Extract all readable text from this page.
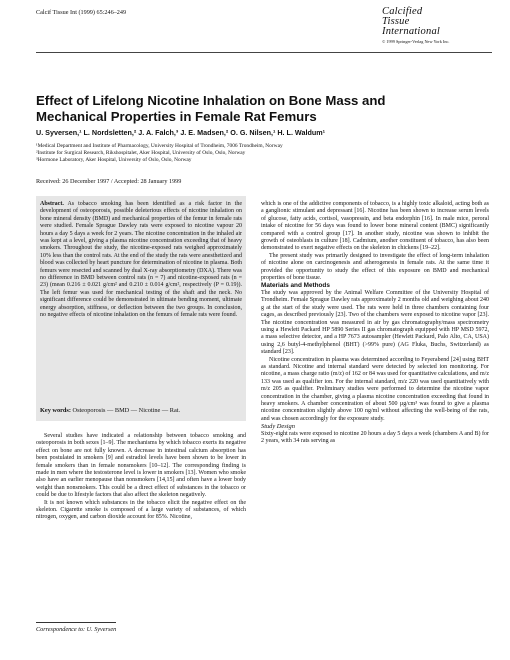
Calcif Tissue Int (1999) 65:246–249	Calcified
Tissue
International
© 1999 Springer-Verlag New York Inc.
Effect of Lifelong Nicotine Inhalation on Bone Mass and Mechanical Properties in Female Rat Femurs
U. Syversen,¹ L. Nordsletten,² J. A. Falch,³ J. E. Madsen,² O. G. Nilsen,¹ H. L. Waldum¹
¹Medical Department and Institute of Pharmacology, University Hospital of Trondheim, 7006 Trondheim, Norway
²Institute for Surgical Research, Rikshospitalet, Aker Hospital, University of Oslo, Oslo, Norway
³Hormone Laboratory, Aker Hospital, University of Oslo, Oslo, Norway
Received: 26 December 1997 / Accepted: 28 January 1999
Abstract. As tobacco smoking has been identified as a risk factor in the development of osteoporosis, possible deleterious effects of nicotine inhalation on bone mineral density (BMD) and mechanical properties of the femur in female rats were studied. Female Sprague Dawley rats were exposed to nicotine vapour 20 hours a day 5 days a week for 2 years. The nicotine concentration in the inhaled air was kept at a level, giving a plasma nicotine concentration exceeding that of heavy smokers. Throughout the study, the nicotine-exposed rats weighed approximately 10% less than the control rats. At the end of the study the rats were anesthetized and blood was collected by heart puncture for determination of nicotine in plasma. Both femurs were resected and scanned by dual X-ray absorptiometry (DXA). There was no difference in BMD between control rats (n = 7) and nicotine-exposed rats (n = 23) (mean 0.216 ± 0.021 g/cm² and 0.210 ± 0.014 g/cm², respectively (P = 0.19)). The left femur was used for mechanical testing of the shaft and the neck. No significant difference could be demonstrated in ultimate bending moment, ultimate energy absorption, stiffness, or deflection between the two groups. In conclusion, no negative effects of nicotine inhalation on the femurs of female rats were found.
Key words: Osteoporosis — BMD — Nicotine — Rat.

Several studies have indicated a relationship between tobacco smoking and osteoporosis in both sexes [1–9]. The mechanisms by which tobacco exerts its negative effect on bone are not fully known. A decrease in intestinal calcium absorption has been postulated in smokers [9] and estradiol levels have been shown to be lower in female smokers than in female nonsmokers [10–12]. The corresponding finding is made in men where the testosterone level is lower in smokers [13]. Women who smoke also have an earlier menopause than nonsmokers [14,15] and often have a lower body weight than nonsmokers. This could be a direct effect of substances in the tobacco or could be due to lifestyle factors that also affect the skeleton negatively.

It is not known which substances in the tobacco elicit the negative effect on the skeleton. Cigarette smoke is composed of a large variety of substances, of which nitrogen, oxygen, and carbon dioxide account for 85%. Nicotine,

which is one of the addictive components of tobacco, is a highly toxic alkaloid, acting both as a ganglionic stimulant and depressant [16]. Nicotine has been shown to increase serum levels of glucose, fatty acids, cortisol, vasopressin, and beta endorphin [16]. In male mice, peroral intake of nicotine for 56 days was found to lower bone mineral content (BMC) significantly compared with a control group [17]. In another study, nicotine was shown to inhibit the growth of osteoblasts in culture [18]. Cadmium, another constituent of tobacco, has also been demonstrated to exert negative effects on the skeleton in chickens [19–22].

The present study was primarily designed to investigate the effect of long-term inhalation of nicotine alone on carcinogenesis and atherogenesis in female rats. At the same time it provided the opportunity to study the effect of this exposure on BMD and mechanical properties of bone tissue.

Materials and Methods

The study was approved by the Animal Welfare Committee of the University Hospital of Trondheim. Female Sprague Dawley rats approximately 2 months old and weighing about 240 g at the start of the study were used. The rats were held in three chambers containing four cages, as described previously [23]. Two of the chambers were exposed to nicotine vapor [23]. The nicotine concentration was measured in air by gas chromatography/mass spectrometry using a Hewlett Packard HP 5890 Series II gas chromatograph equipped with HP MSD 5972, a mass selective detector, and a HP 7673 autosampler (Hewlett Packard, Palo Alto, CA, USA) using 2,6 butyl-4-methylphenol (BHT) (>99% pure) (AG Fluka, Buchs, Switzerland) as standard [23].

Nicotine concentration in plasma was determined according to Feyerabend [24] using BHT as standard. Nicotine and internal standard were detected by selected ion monitoring. For nicotine, a mass charge ratio (m/z) of 162 or 84 was used for quantitative calculations, and m/z 133 was used as qualifier ion. For the internal standard, m/z 220 was used quantitatively with m/z 205 as qualifier. Preliminary studies were performed to determine the nicotine vapor concentration in the chamber, giving a plasma nicotine concentration exceeding that found in heavy smokers. A chamber concentration of about 500 µg/cm³ was found to give a plasma nicotine concentration slightly above 100 ng/ml without affecting the well-being of the rats, and was chosen accordingly for the exposure study.

Study Design

Sixty-eight rats were exposed to nicotine 20 hours a day 5 days a week (chambers A and B) for 2 years, with 34 rats serving as

Correspondence to: U. Syversen
